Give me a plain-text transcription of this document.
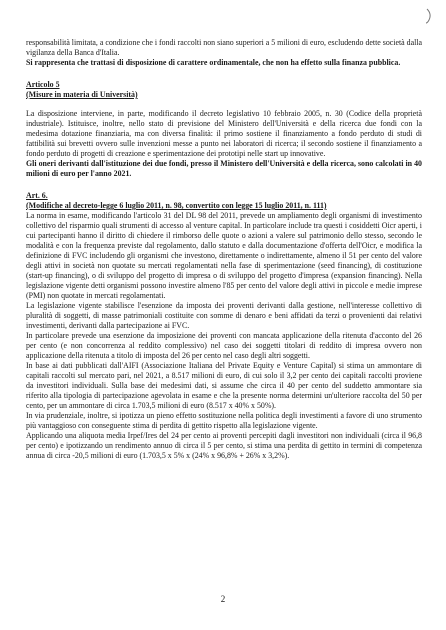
responsabilità limitata, a condizione che i fondi raccolti non siano superiori a 5 milioni di euro, escludendo dette società dalla vigilanza della Banca d'Italia.

Si rappresenta che trattasi di disposizione di carattere ordinamentale, che non ha effetto sulla finanza pubblica.

Articolo 5

(Misure in materia di Università)

La disposizione interviene, in parte, modificando il decreto legislativo 10 febbraio 2005, n. 30 (Codice della proprietà industriale). Istituisce, inoltre, nello stato di previsione del Ministero dell'Università e della ricerca due fondi con la medesima dotazione finanziaria, ma con diversa finalità: il primo sostiene il finanziamento a fondo perduto di studi di fattibilità sui brevetti ovvero sulle invenzioni messe a punto nei laboratori di ricerca; il secondo sostiene il finanziamento a fondo perduto di progetti di creazione e sperimentazione dei prototipi nelle start up innovative.

Gli oneri derivanti dall'istituzione dei due fondi, presso il Ministero dell'Università e della ricerca, sono calcolati in 40 milioni di euro per l'anno 2021.

Art. 6.

(Modifiche al decreto-legge 6 luglio 2011, n. 98, convertito con legge 15 luglio 2011, n. 111)

La norma in esame, modificando l'articolo 31 del DL 98 del 2011, prevede un ampliamento degli organismi di investimento collettivo del risparmio quali strumenti di accesso al venture capital. In particolare include tra questi i cosiddetti Oicr aperti, i cui partecipanti hanno il diritto di chiedere il rimborso delle quote o azioni a valere sul patrimonio dello stesso, secondo le modalità e con la frequenza previste dal regolamento, dallo statuto e dalla documentazione d'offerta dell'Oicr, e modifica la definizione di FVC includendo gli organismi che investono, direttamente o indirettamente, almeno il 51 per cento del valore degli attivi in società non quotate su mercati regolamentati nella fase di sperimentazione (seed financing), di costituzione (start-up financing), o di sviluppo del progetto di impresa o di sviluppo del progetto d'impresa (expansion financing). Nella legislazione vigente detti organismi possono investire almeno l'85 per cento del valore degli attivi in piccole e medie imprese (PMI) non quotate in mercati regolamentati.

La legislazione vigente stabilisce l'esenzione da imposta dei proventi derivanti dalla gestione, nell'interesse collettivo di pluralità di soggetti, di masse patrimoniali costituite con somme di denaro e beni affidati da terzi o provenienti dai relativi investimenti, derivanti dalla partecipazione ai FVC.

In particolare prevede una esenzione da imposizione dei proventi con mancata applicazione della ritenuta d'acconto del 26 per cento (e non concorrenza al reddito complessivo) nel caso dei soggetti titolari di reddito di impresa ovvero non applicazione della ritenuta a titolo di imposta del 26 per cento nel caso degli altri soggetti.

In base ai dati pubblicati dall'AIFI (Associazione Italiana del Private Equity e Venture Capital) si stima un ammontare di capitali raccolti sul mercato pari, nel 2021, a 8.517 milioni di euro, di cui solo il 3,2 per cento dei capitali raccolti proviene da investitori individuali. Sulla base dei medesimi dati, si assume che circa il 40 per cento del suddetto ammontare sia riferito alla tipologia di partecipazione agevolata in esame e che la presente norma determini un'ulteriore raccolta del 50 per cento, per un ammontare di circa 1.703,5 milioni di euro (8.517 x 40% x 50%).

In via prudenziale, inoltre, si ipotizza un pieno effetto sostituzione nella politica degli investimenti a favore di uno strumento più vantaggioso con conseguente stima di perdita di gettito rispetto alla legislazione vigente.

Applicando una aliquota media Irpef/Ires del 24 per cento ai proventi percepiti dagli investitori non individuali (circa il 96,8 per cento) e ipotizzando un rendimento annuo di circa il 5 per cento, si stima una perdita di gettito in termini di competenza annua di circa -20,5 milioni di euro (1.703,5 x 5% x (24% x 96,8% + 26% x 3,2%).

2
